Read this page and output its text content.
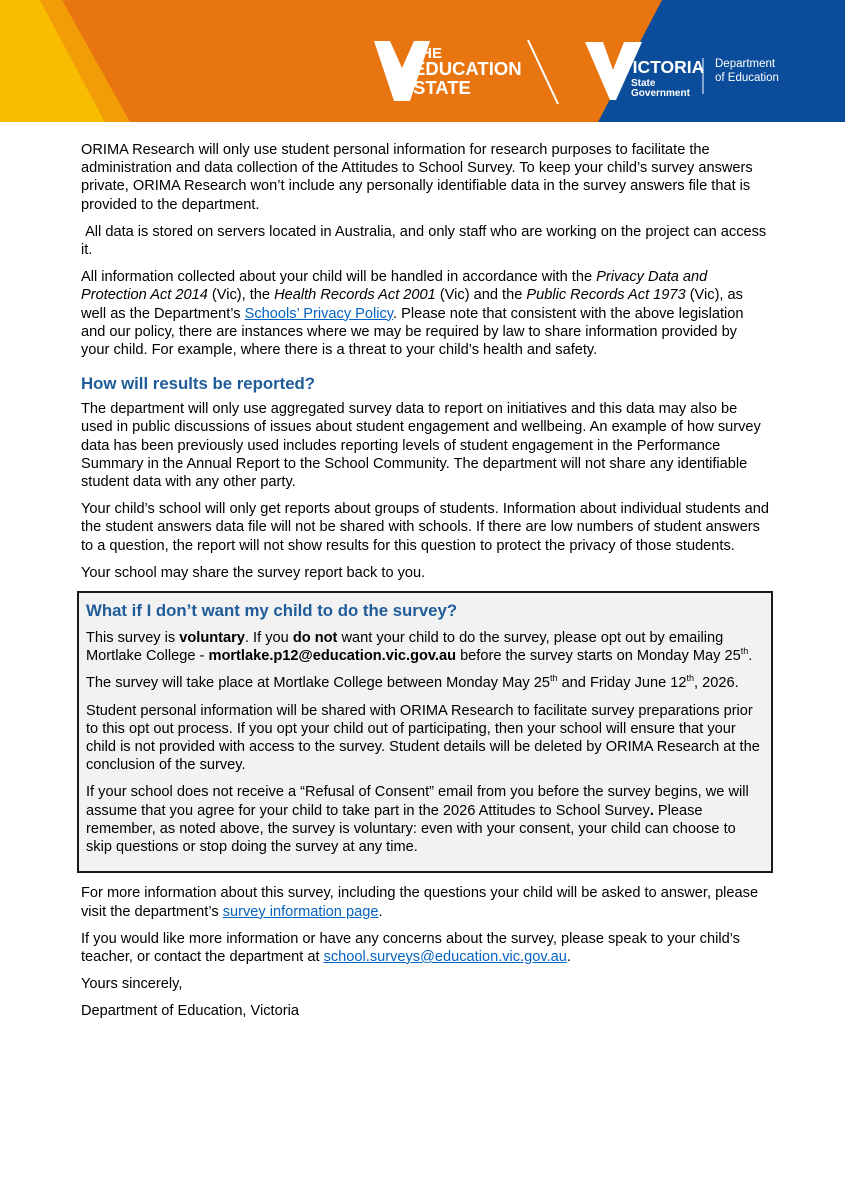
THE
EDUCATION
STATE
VICTORIA
State
Government
Department
of Education

ORIMA Research will only use student personal information for research purposes to facilitate the administration and data collection of the Attitudes to School Survey. To keep your child’s survey answers private, ORIMA Research won’t include any personally identifiable data in the survey answers file that is provided to the department.

All data is stored on servers located in Australia, and only staff who are working on the project can access it.

All information collected about your child will be handled in accordance with the Privacy Data and Protection Act 2014 (Vic), the Health Records Act 2001 (Vic) and the Public Records Act 1973 (Vic), as well as the Department’s Schools’ Privacy Policy. Please note that consistent with the above legislation and our policy, there are instances where we may be required by law to share information provided by your child. For example, where there is a threat to your child’s health and safety.

How will results be reported?

The department will only use aggregated survey data to report on initiatives and this data may also be used in public discussions of issues about student engagement and wellbeing. An example of how survey data has been previously used includes reporting levels of student engagement in the Performance Summary in the Annual Report to the School Community. The department will not share any identifiable student data with any other party.

Your child’s school will only get reports about groups of students. Information about individual students and the student answers data file will not be shared with schools. If there are low numbers of student answers to a question, the report will not show results for this question to protect the privacy of those students.

Your school may share the survey report back to you.

What if I don’t want my child to do the survey?

This survey is voluntary. If you do not want your child to do the survey, please opt out by emailing Mortlake College - mortlake.p12@education.vic.gov.au before the survey starts on Monday May 25th.

The survey will take place at Mortlake College between Monday May 25th and Friday June 12th, 2026.

Student personal information will be shared with ORIMA Research to facilitate survey preparations prior to this opt out process. If you opt your child out of participating, then your school will ensure that your child is not provided with access to the survey. Student details will be deleted by ORIMA Research at the conclusion of the survey.

If your school does not receive a “Refusal of Consent” email from you before the survey begins, we will assume that you agree for your child to take part in the 2026 Attitudes to School Survey. Please remember, as noted above, the survey is voluntary: even with your consent, your child can choose to skip questions or stop doing the survey at any time.

For more information about this survey, including the questions your child will be asked to answer, please visit the department’s survey information page.

If you would like more information or have any concerns about the survey, please speak to your child’s teacher, or contact the department at school.surveys@education.vic.gov.au.

Yours sincerely,

Department of Education, Victoria
